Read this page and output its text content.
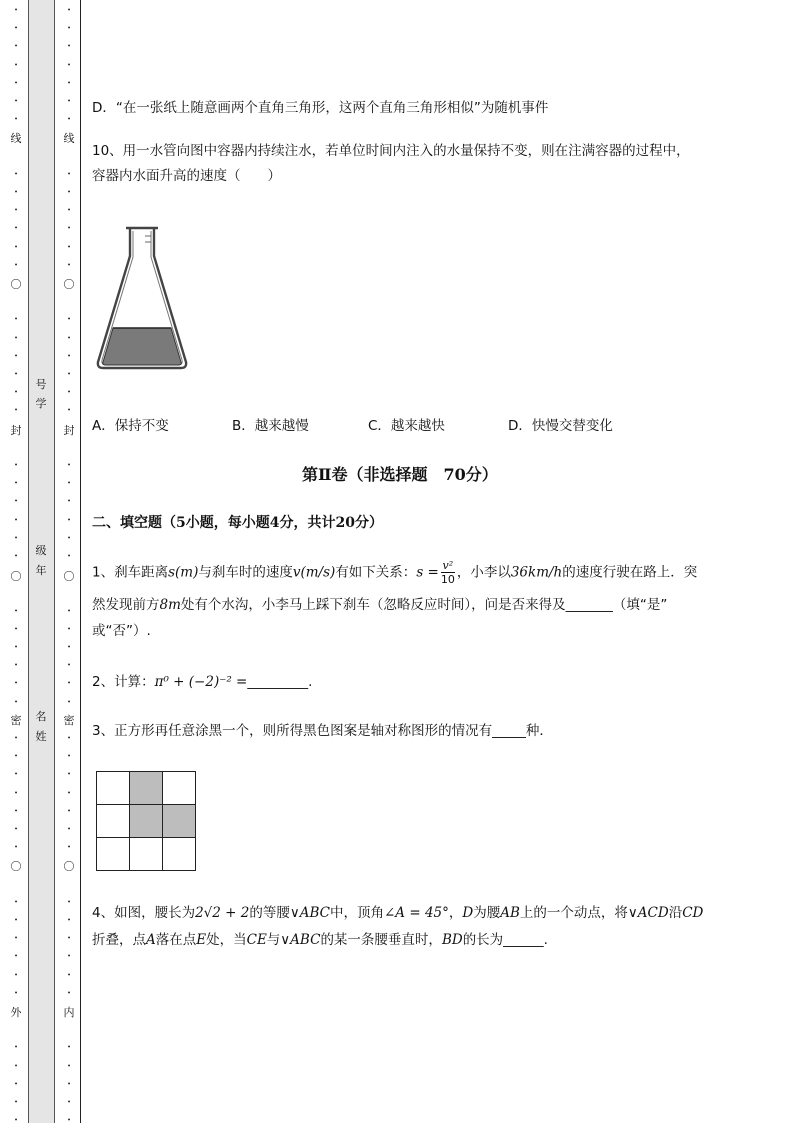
•
•
•
•
•
•
•
•
•
•
•
•
•
•
•
•
•
•
•
•
•
•
•
•
•
•
•
•
•
•
•
•
•
•
•
•
•
•
•
•
•
•
•
•
•
•
•
•
•
线
〇
封
〇
密
〇
外
•
•
•
•
•
•
•
•
•
•
•
•
•
•
•
•
•
•
•
•
•
•
•
•
•
•
•
•
•
•
•
•
•
•
•
•
•
•
•
•
•
•
•
•
•
•
•
•
•
线
〇
封
〇
密
〇
内
号
学
级
年
名
姓
D．“在一张纸上随意画两个直角三角形，这两个直角三角形相似”为随机事件
10、用一水管向图中容器内持续注水，若单位时间内注入的水量保持不变，则在注满容器的过程中，
容器内水面升高的速度（　　）
A．保持不变	B．越来越慢	C．越来越快	D．快慢交替变化
第Ⅱ卷（非选择题　70分）
二、填空题（5小题，每小题4分，共计20分）
1、刹车距离s(m)与刹车时的速度v(m/s)有如下关系：$s = \frac{\text{v²}}{10}$ ，小李以36km/h的速度行驶在路上．突
然发现前方8m处有个水沟，小李马上踩下刹车（忽略反应时间），问是否来得及_______（填“是”
或“否”）.
2、计算：π⁰ + (−2)⁻² =_________.
3、正方形再任意涂黑一个，则所得黑色图案是轴对称图形的情况有_____种．

4、如图，腰长为2√2 + 2的等腰∨ABC中，顶角∠A = 45°，D为腰AB上的一个动点，将∨ACD沿CD
折叠，点A落在点E处，当CE与∨ABC的某一条腰垂直时，BD的长为______.
